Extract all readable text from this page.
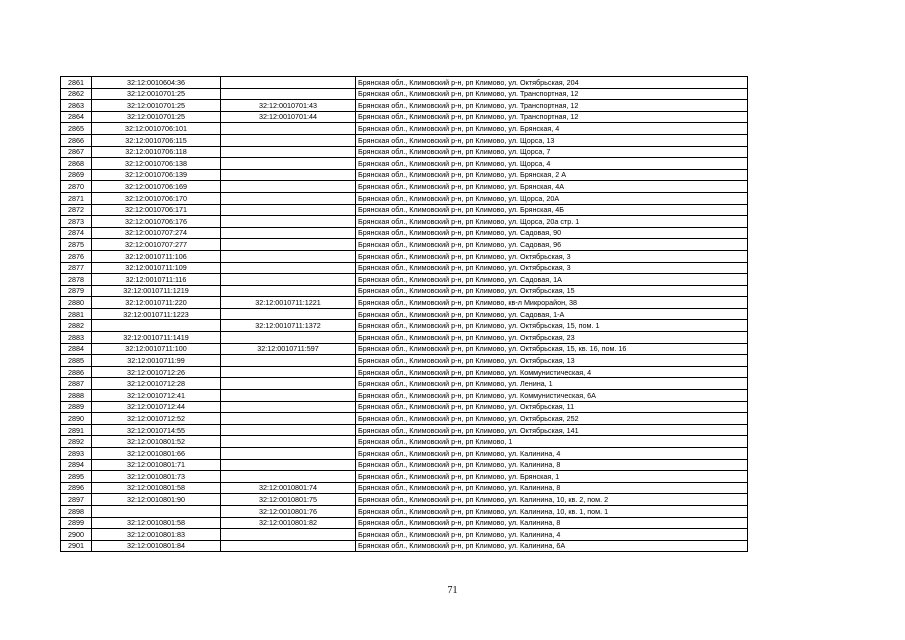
2861	32:12:0010604:36		Брянская обл., Климовский р-н, рп Климово, ул. Октябрьская, 204
2862	32:12:0010701:25		Брянская обл., Климовский р-н, рп Климово, ул. Транспортная, 12
2863	32:12:0010701:25	32:12:0010701:43	Брянская обл., Климовский р-н, рп Климово, ул. Транспортная, 12
2864	32:12:0010701:25	32:12:0010701:44	Брянская обл., Климовский р-н, рп Климово, ул. Транспортная, 12
2865	32:12:0010706:101		Брянская обл., Климовский р-н, рп Климово, ул. Брянская, 4
2866	32:12:0010706:115		Брянская обл., Климовский р-н, рп Климово, ул. Щорса, 13
2867	32:12:0010706:118		Брянская обл., Климовский р-н, рп Климово, ул. Щорса, 7
2868	32:12:0010706:138		Брянская обл., Климовский р-н, рп Климово, ул. Щорса, 4
2869	32:12:0010706:139		Брянская обл., Климовский р-н, рп Климово, ул. Брянская, 2 А
2870	32:12:0010706:169		Брянская обл., Климовский р-н, рп Климово, ул. Брянская, 4А
2871	32:12:0010706:170		Брянская обл., Климовский р-н, рп Климово, ул. Щорса, 20А
2872	32:12:0010706:171		Брянская обл., Климовский р-н, рп Климово, ул. Брянская, 4Б
2873	32:12:0010706:176		Брянская обл., Климовский р-н, рп Климово, ул. Щорса, 20а стр. 1
2874	32:12:0010707:274		Брянская обл., Климовский р-н, рп Климово, ул. Садовая, 90
2875	32:12:0010707:277		Брянская обл., Климовский р-н, рп Климово, ул. Садовая, 96
2876	32:12:0010711:106		Брянская обл., Климовский р-н, рп Климово, ул. Октябрьская, 3
2877	32:12:0010711:109		Брянская обл., Климовский р-н, рп Климово, ул. Октябрьская, 3
2878	32:12:0010711:116		Брянская обл., Климовский р-н, рп Климово, ул. Садовая, 1А
2879	32:12:0010711:1219		Брянская обл., Климовский р-н, рп Климово, ул. Октябрьская, 15
2880	32:12:0010711:220	32:12:0010711:1221	Брянская обл., Климовский р-н, рп Климово, кв-л Микрорайон, 38
2881	32:12:0010711:1223		Брянская обл., Климовский р-н, рп Климово, ул. Садовая, 1-А
2882		32:12:0010711:1372	Брянская обл., Климовский р-н, рп Климово, ул. Октябрьская, 15, пом. 1
2883	32:12:0010711:1419		Брянская обл., Климовский р-н, рп Климово, ул. Октябрьская, 23
2884	32:12:0010711:100	32:12:0010711:597	Брянская обл., Климовский р-н, рп Климово, ул. Октябрьская, 15, кв. 16, пом. 16
2885	32:12:0010711:99		Брянская обл., Климовский р-н, рп Климово, ул. Октябрьская, 13
2886	32:12:0010712:26		Брянская обл., Климовский р-н, рп Климово, ул. Коммунистическая, 4
2887	32:12:0010712:28		Брянская обл., Климовский р-н, рп Климово, ул. Ленина, 1
2888	32:12:0010712:41		Брянская обл., Климовский р-н, рп Климово, ул. Коммунистическая, 6А
2889	32:12:0010712:44		Брянская обл., Климовский р-н, рп Климово, ул. Октябрьская, 11
2890	32:12:0010712:52		Брянская обл., Климовский р-н, рп Климово, ул. Октябрьская, 252
2891	32:12:0010714:55		Брянская обл., Климовский р-н, рп Климово, ул. Октябрьская, 141
2892	32:12:0010801:52		Брянская обл., Климовский р-н, рп Климово, 1
2893	32:12:0010801:66		Брянская обл., Климовский р-н, рп Климово, ул. Калинина, 4
2894	32:12:0010801:71		Брянская обл., Климовский р-н, рп Климово, ул. Калинина, 8
2895	32:12:0010801:73		Брянская обл., Климовский р-н, рп Климово, ул. Брянская, 1
2896	32:12:0010801:58	32:12:0010801:74	Брянская обл., Климовский р-н, рп Климово, ул. Калинина, 8
2897	32:12:0010801:90	32:12:0010801:75	Брянская обл., Климовский р-н, рп Климово, ул. Калинина, 10, кв. 2, пом. 2
2898		32:12:0010801:76	Брянская обл., Климовский р-н, рп Климово, ул. Калинина, 10, кв. 1, пом. 1
2899	32:12:0010801:58	32:12:0010801:82	Брянская обл., Климовский р-н, рп Климово, ул. Калинина, 8
2900	32:12:0010801:83		Брянская обл., Климовский р-н, рп Климово, ул. Калинина, 4
2901	32:12:0010801:84		Брянская обл., Климовский р-н, рп Климово, ул. Калинина, 6А
71
